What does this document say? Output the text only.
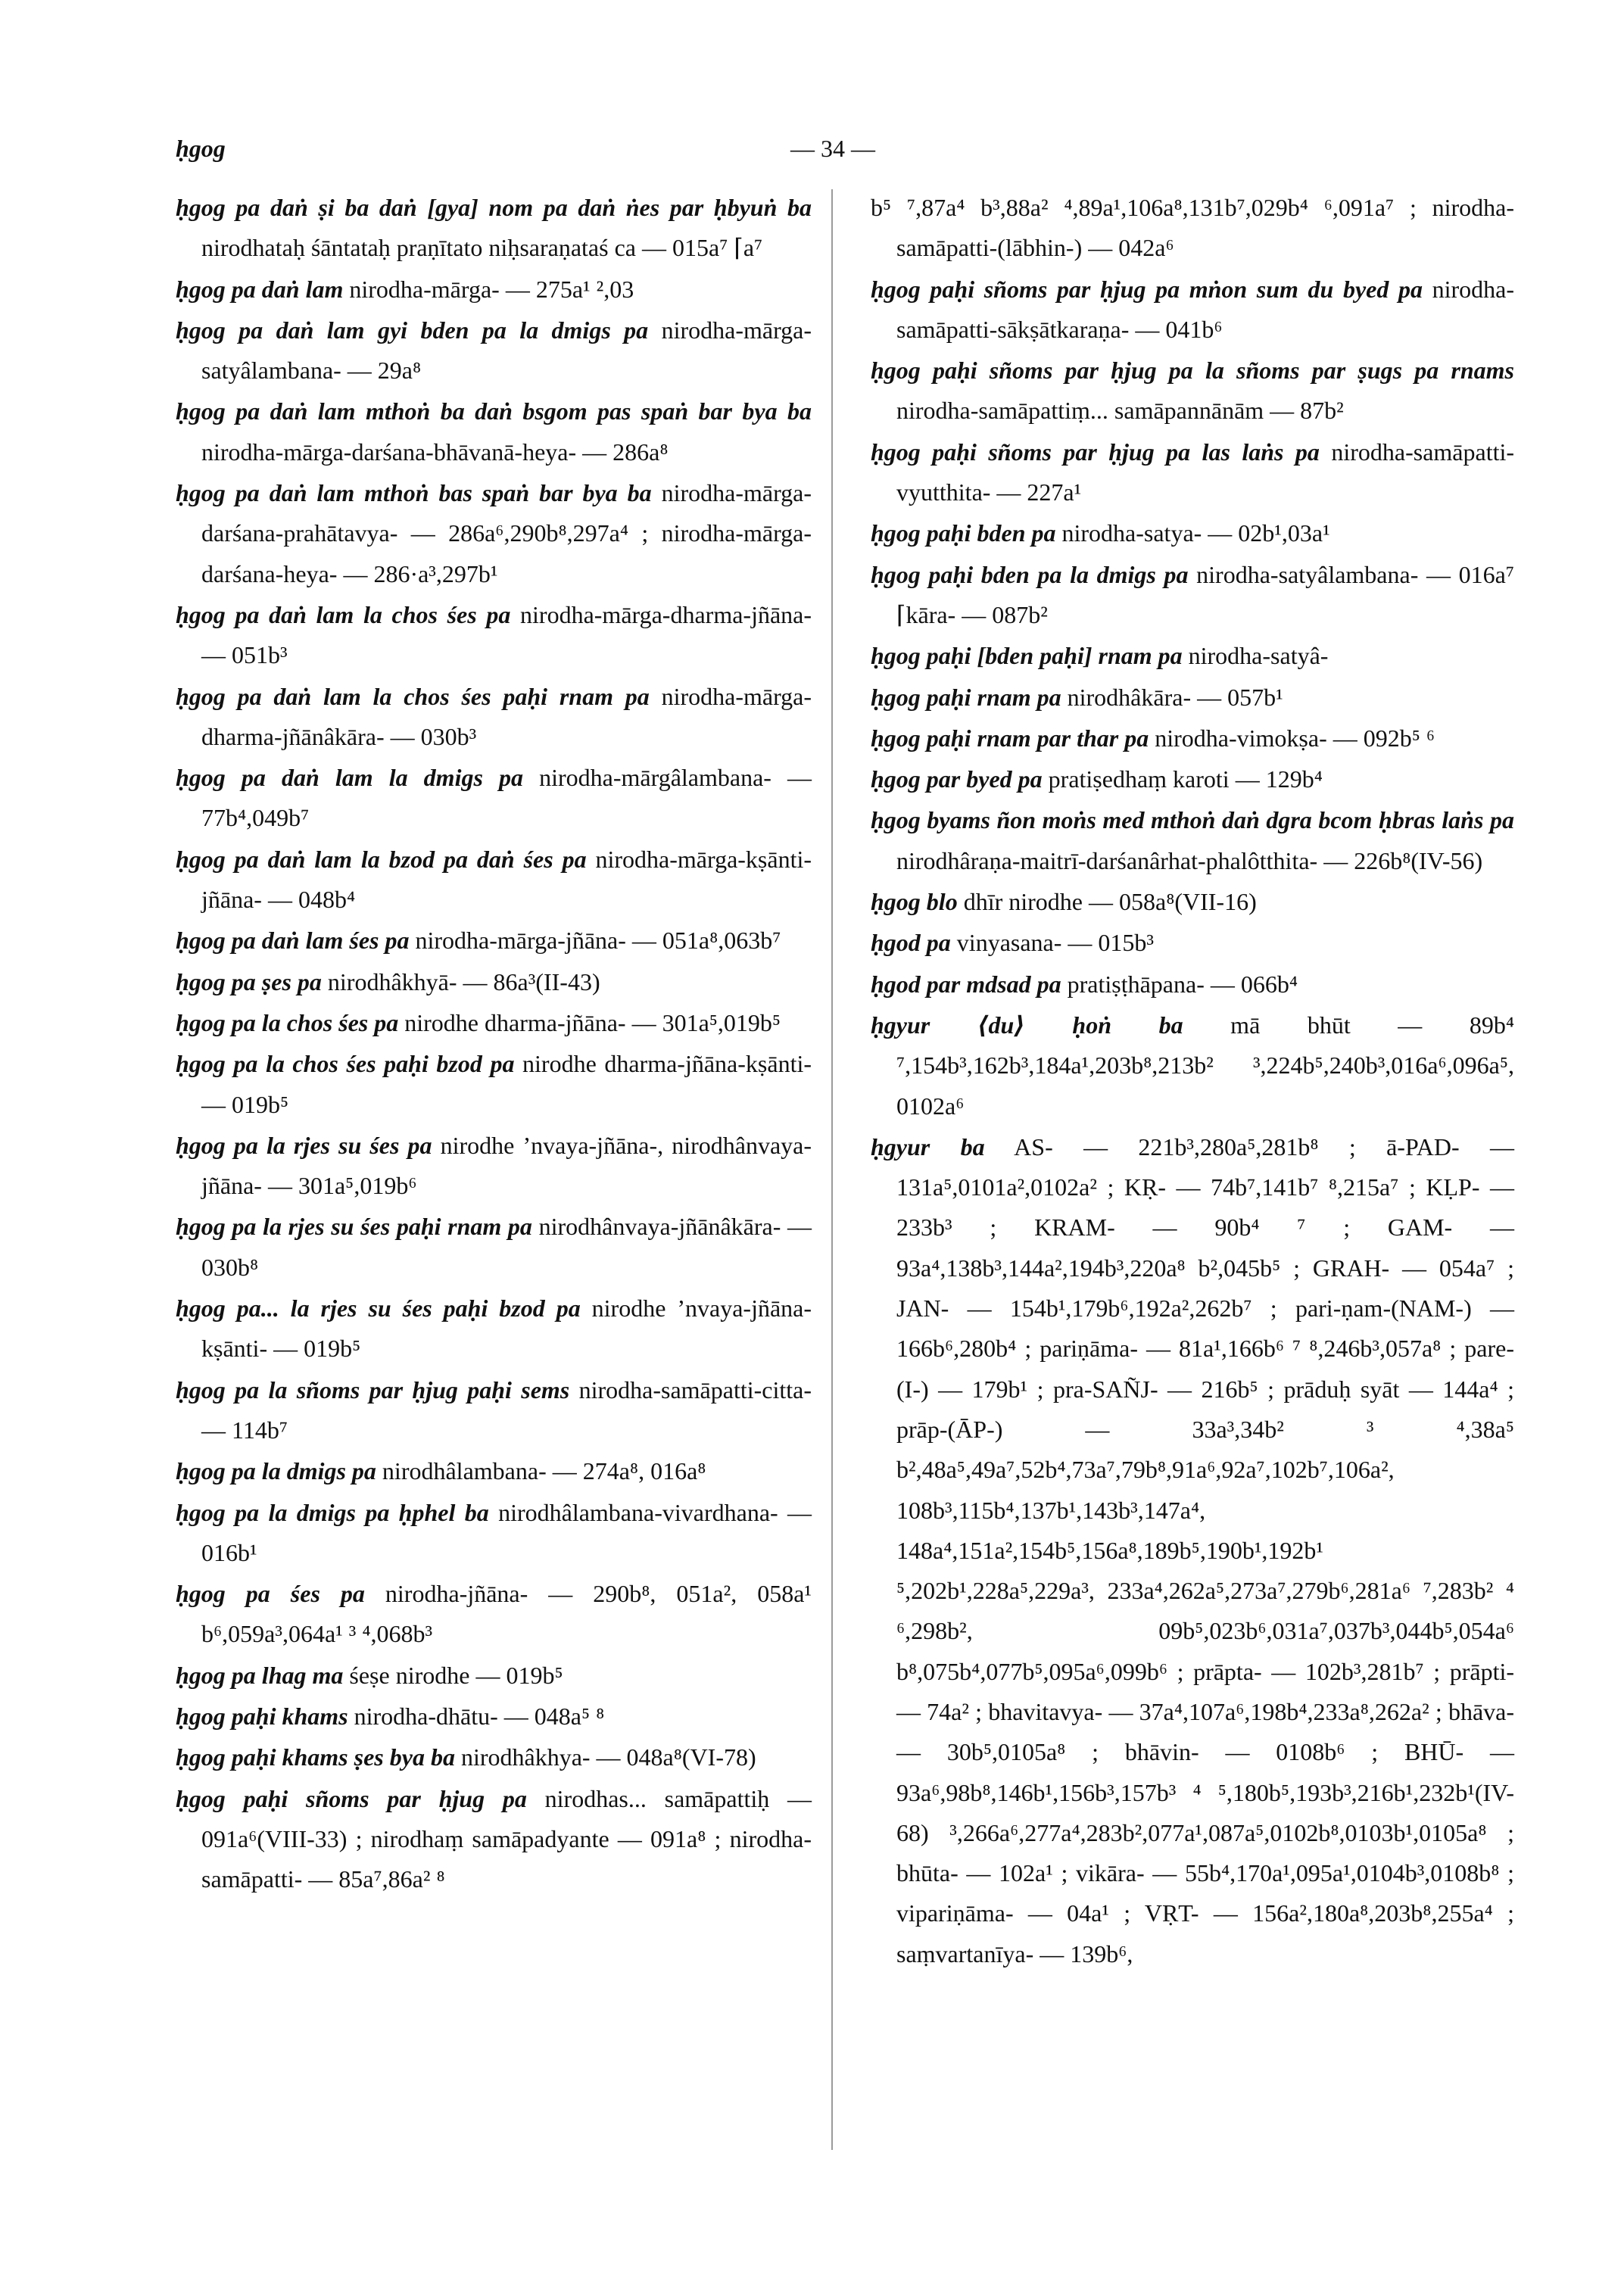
ḥgog	— 34 —

ḥgog pa daṅ ṣi ba daṅ [gya] nom pa daṅ ṅes par ḥbyuṅ ba nirodhataḥ śāntataḥ praṇītato niḥsaraṇataś ca — 015a⁷ ⌈a⁷

ḥgog pa daṅ lam nirodha-mārga- — 275a¹ ²,03

ḥgog pa daṅ lam gyi bden pa la dmigs pa nirodha-mārga-satyâlambana- — 29a⁸

ḥgog pa daṅ lam mthoṅ ba daṅ bsgom pas spaṅ bar bya ba nirodha-mārga-darśana-bhāvanā-heya- — 286a⁸

ḥgog pa daṅ lam mthoṅ bas spaṅ bar bya ba nirodha-mārga-darśana-prahātavya- — 286a⁶,290b⁸,297a⁴ ; nirodha-mārga-darśana-heya- — 286·a³,297b¹

ḥgog pa daṅ lam la chos śes pa nirodha-mārga-dharma-jñāna- — 051b³

ḥgog pa daṅ lam la chos śes paḥi rnam pa nirodha-mārga-dharma-jñānâkāra- — 030b³

ḥgog pa daṅ lam la dmigs pa nirodha-mārgâlambana- — 77b⁴,049b⁷

ḥgog pa daṅ lam la bzod pa daṅ śes pa nirodha-mārga-kṣānti-jñāna- — 048b⁴

ḥgog pa daṅ lam śes pa nirodha-mārga-jñāna- — 051a⁸,063b⁷

ḥgog pa ṣes pa nirodhâkhyā- — 86a³(II-43)

ḥgog pa la chos śes pa nirodhe dharma-jñāna- — 301a⁵,019b⁵

ḥgog pa la chos śes paḥi bzod pa nirodhe dharma-jñāna-kṣānti- — 019b⁵

ḥgog pa la rjes su śes pa nirodhe ’nvaya-jñāna-, nirodhânvaya-jñāna- — 301a⁵,019b⁶

ḥgog pa la rjes su śes paḥi rnam pa nirodhânvaya-jñānâkāra- — 030b⁸

ḥgog pa... la rjes su śes paḥi bzod pa nirodhe ’nvaya-jñāna-kṣānti- — 019b⁵

ḥgog pa la sñoms par ḥjug paḥi sems nirodha-samāpatti-citta- — 114b⁷

ḥgog pa la dmigs pa nirodhâlambana- — 274a⁸, 016a⁸

ḥgog pa la dmigs pa ḥphel ba nirodhâlambana-vivardhana- — 016b¹

ḥgog pa śes pa nirodha-jñāna- — 290b⁸, 051a², 058a¹ b⁶,059a³,064a¹ ³ ⁴,068b³

ḥgog pa lhag ma śeṣe nirodhe — 019b⁵

ḥgog paḥi khams nirodha-dhātu- — 048a⁵ ⁸

ḥgog paḥi khams ṣes bya ba nirodhâkhya- — 048a⁸(VI-78)

ḥgog paḥi sñoms par ḥjug pa nirodhas... samāpattiḥ — 091a⁶(VIII-33) ; nirodhaṃ samāpadyante — 091a⁸ ; nirodha-samāpatti- — 85a⁷,86a² ⁸

b⁵ ⁷,87a⁴ b³,88a² ⁴,89a¹,106a⁸,131b⁷,029b⁴ ⁶,091a⁷ ; nirodha-samāpatti-(lābhin-) — 042a⁶

ḥgog paḥi sñoms par ḥjug pa mṅon sum du byed pa nirodha-samāpatti-sākṣātkaraṇa- — 041b⁶

ḥgog paḥi sñoms par ḥjug pa la sñoms par ṣugs pa rnams nirodha-samāpattiṃ... samāpannānām — 87b²

ḥgog paḥi sñoms par ḥjug pa las laṅs pa nirodha-samāpatti-vyutthita- — 227a¹

ḥgog paḥi bden pa nirodha-satya- — 02b¹,03a¹

ḥgog paḥi bden pa la dmigs pa nirodha-satyâlambana- — 016a⁷ ⌈kāra- — 087b²

ḥgog paḥi [bden paḥi] rnam pa nirodha-satyâ-

ḥgog paḥi rnam pa nirodhâkāra- — 057b¹

ḥgog paḥi rnam par thar pa nirodha-vimokṣa- — 092b⁵ ⁶

ḥgog par byed pa pratiṣedhaṃ karoti — 129b⁴

ḥgog byams ñon moṅs med mthoṅ daṅ dgra bcom ḥbras laṅs pa nirodhâraṇa-maitrī-darśanârhat-phalôtthita- — 226b⁸(IV-56)

ḥgog blo dhīr nirodhe — 058a⁸(VII-16)

ḥgod pa vinyasana- — 015b³

ḥgod par mdsad pa pratiṣṭhāpana- — 066b⁴

ḥgyur ⟨du⟩ ḥoṅ ba mā bhūt — 89b⁴ ⁷,154b³,162b³,184a¹,203b⁸,213b² ³,224b⁵,240b³,016a⁶,096a⁵, 0102a⁶

ḥgyur ba AS- — 221b³,280a⁵,281b⁸ ; ā-PAD- — 131a⁵,0101a²,0102a² ; KṚ- — 74b⁷,141b⁷ ⁸,215a⁷ ; KḶP- — 233b³ ; KRAM- — 90b⁴ ⁷ ; GAM- — 93a⁴,138b³,144a²,194b³,220a⁸ b²,045b⁵ ; GRAH- — 054a⁷ ; JAN- — 154b¹,179b⁶,192a²,262b⁷ ; pari-ṇam-(NAM-) — 166b⁶,280b⁴ ; pariṇāma- — 81a¹,166b⁶ ⁷ ⁸,246b³,057a⁸ ; pare-(I-) — 179b¹ ; pra-SAÑJ- — 216b⁵ ; prāduḥ syāt — 144a⁴ ; prāp-(ĀP-) — 33a³,34b² ³ ⁴,38a⁵ b²,48a⁵,49a⁷,52b⁴,73a⁷,79b⁸,91a⁶,92a⁷,102b⁷,106a², 108b³,115b⁴,137b¹,143b³,147a⁴, 148a⁴,151a²,154b⁵,156a⁸,189b⁵,190b¹,192b¹ ⁵,202b¹,228a⁵,229a³, 233a⁴,262a⁵,273a⁷,279b⁶,281a⁶ ⁷,283b² ⁴ ⁶,298b², 09b⁵,023b⁶,031a⁷,037b³,044b⁵,054a⁶ b⁸,075b⁴,077b⁵,095a⁶,099b⁶ ; prāpta- — 102b³,281b⁷ ; prāpti- — 74a² ; bhavitavya- — 37a⁴,107a⁶,198b⁴,233a⁸,262a² ; bhāva- — 30b⁵,0105a⁸ ; bhāvin- — 0108b⁶ ; BHŪ- — 93a⁶,98b⁸,146b¹,156b³,157b³ ⁴ ⁵,180b⁵,193b³,216b¹,232b¹(IV-68) ³,266a⁶,277a⁴,283b²,077a¹,087a⁵,0102b⁸,0103b¹,0105a⁸ ; bhūta- — 102a¹ ; vikāra- — 55b⁴,170a¹,095a¹,0104b³,0108b⁸ ; vipariṇāma- — 04a¹ ; VṚT- — 156a²,180a⁸,203b⁸,255a⁴ ; saṃvartanīya- — 139b⁶,
